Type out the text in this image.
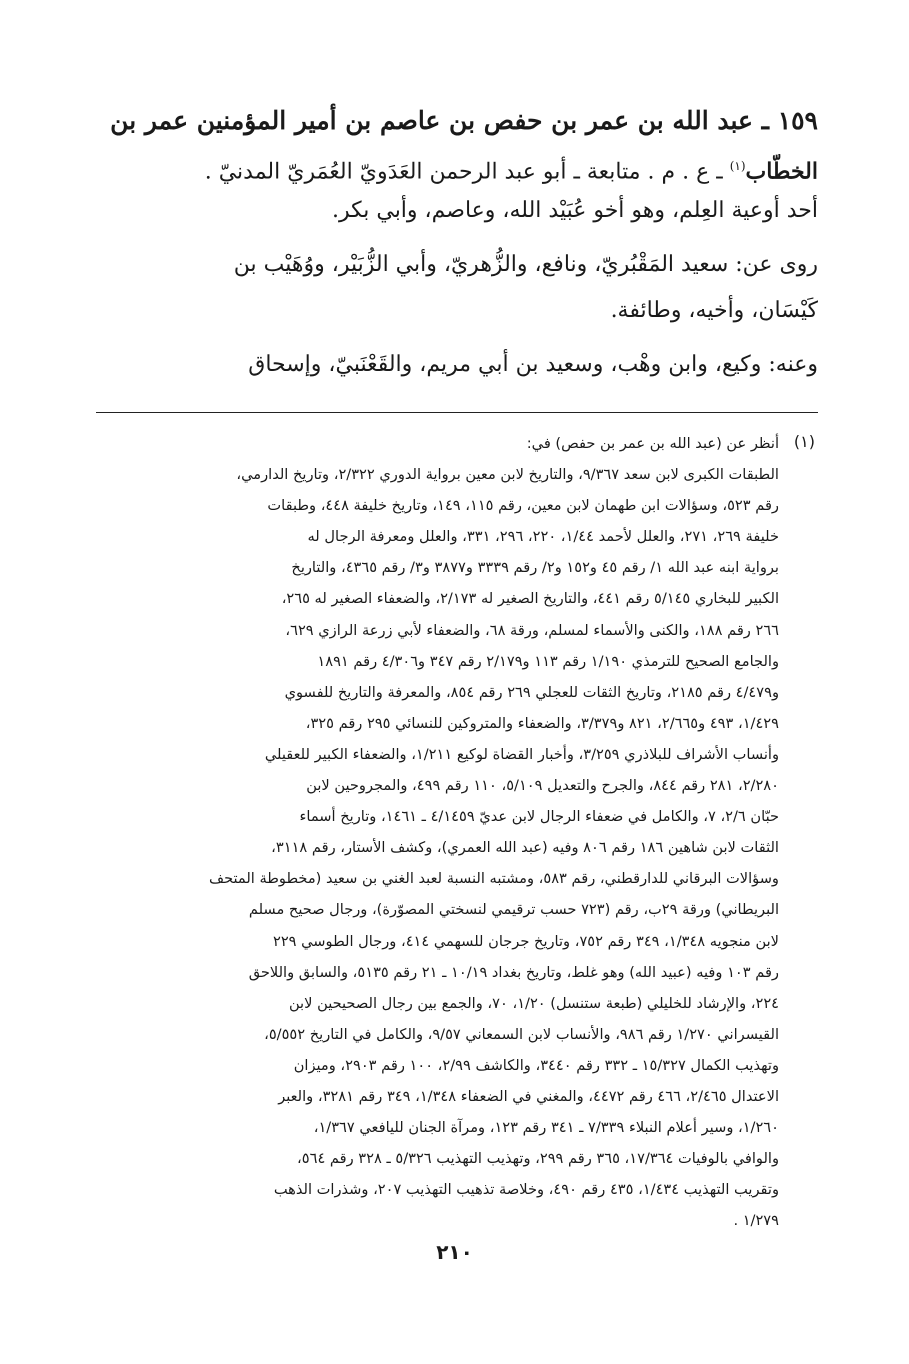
١٥٩ ـ عبد الله بن عمر بن حفص بن عاصم بن أمير المؤمنين عمر بن
الخطّاب$^{(١)}$ ـ ع . م . متابعة ـ أبو عبد الرحمن العَدَويّ العُمَريّ المدنيّ .
أحد أوعية العِلم، وهو أخو عُبَيْد الله، وعاصم، وأبي بكر.
روى عن: سعيد المَقْبُريّ، ونافع، والزُّهريّ، وأبي الزُّبَيْر، ووُهَيْب بن
كَيْسَان، وأخيه، وطائفة.
وعنه: وكيع، وابن وهْب، وسعيد بن أبي مريم، والقَعْنَبيّ، وإسحاق
(١)
أنظر عن (عبد الله بن عمر بن حفص) في:
الطبقات الكبرى لابن سعد ٩/٣٦٧، والتاريخ لابن معين برواية الدوري ٢/٣٢٢، وتاريخ الدارمي،
رقم ٥٢٣، وسؤالات ابن طهمان لابن معين، رقم ١١٥، ١٤٩، وتاريخ خليفة ٤٤٨، وطبقات
خليفة ٢٦٩، ٢٧١، والعلل لأحمد ١/٤٤، ٢٢٠، ٢٩٦، ٣٣١، والعلل ومعرفة الرجال له
برواية ابنه عبد الله ١/ رقم ٤٥ و١٥٢ و٢/ رقم ٣٣٣٩ و٣٨٧٧ و٣/ رقم ٤٣٦٥، والتاريخ
الكبير للبخاري ٥/١٤٥ رقم ٤٤١، والتاريخ الصغير له ٢/١٧٣، والضعفاء الصغير له ٢٦٥،
٢٦٦ رقم ١٨٨، والكنى والأسماء لمسلم، ورقة ٦٨، والضعفاء لأبي زرعة الرازي ٦٢٩،
والجامع الصحيح للترمذي ١/١٩٠ رقم ١١٣ و٢/١٧٩ رقم ٣٤٧ و٤/٣٠٦ رقم ١٨٩١
و٤/٤٧٩ رقم ٢١٨٥، وتاريخ الثقات للعجلي ٢٦٩ رقم ٨٥٤، والمعرفة والتاريخ للفسوي
١/٤٢٩، ٤٩٣ و٢/٦٦٥، ٨٢١ و٣/٣٧٩، والضعفاء والمتروكين للنسائي ٢٩٥ رقم ٣٢٥،
وأنساب الأشراف للبلاذري ٣/٢٥٩، وأخبار القضاة لوكيع ١/٢١١، والضعفاء الكبير للعقيلي
٢/٢٨٠، ٢٨١ رقم ٨٤٤، والجرح والتعديل ٥/١٠٩، ١١٠ رقم ٤٩٩، والمجروحين لابن
حبّان ٢/٦، ٧، والكامل في ضعفاء الرجال لابن عديّ ٤/١٤٥٩ ـ ١٤٦١، وتاريخ أسماء
الثقات لابن شاهين ١٨٦ رقم ٨٠٦ وفيه (عبد الله العمري)، وكشف الأستار، رقم ٣١١٨،
وسؤالات البرقاني للدارقطني، رقم ٥٨٣، ومشتبه النسبة لعبد الغني بن سعيد (مخطوطة المتحف
البريطاني) ورقة ٢٩ب، رقم (٧٢٣ حسب ترقيمي لنسختي المصوّرة)، ورجال صحيح مسلم
لابن منجويه ١/٣٤٨، ٣٤٩ رقم ٧٥٢، وتاريخ جرجان للسهمي ٤١٤، ورجال الطوسي ٢٢٩
رقم ١٠٣ وفيه (عبيد الله) وهو غلط، وتاريخ بغداد ١٠/١٩ ـ ٢١ رقم ٥١٣٥، والسابق واللاحق
٢٢٤، والإرشاد للخليلي (طبعة ستنسل) ١/٢٠، ٧٠، والجمع بين رجال الصحيحين لابن
القيسراني ١/٢٧٠ رقم ٩٨٦، والأنساب لابن السمعاني ٩/٥٧، والكامل في التاريخ ٥/٥٥٢،
وتهذيب الكمال ١٥/٣٢٧ ـ ٣٣٢ رقم ٣٤٤٠، والكاشف ٢/٩٩، ١٠٠ رقم ٢٩٠٣، وميزان
الاعتدال ٢/٤٦٥، ٤٦٦ رقم ٤٤٧٢، والمغني في الضعفاء ١/٣٤٨، ٣٤٩ رقم ٣٢٨١، والعبر
١/٢٦٠، وسير أعلام النبلاء ٧/٣٣٩ ـ ٣٤١ رقم ١٢٣، ومرآة الجنان لليافعي ١/٣٦٧،
والوافي بالوفيات ١٧/٣٦٤، ٣٦٥ رقم ٢٩٩، وتهذيب التهذيب ٥/٣٢٦ ـ ٣٢٨ رقم ٥٦٤،
وتقريب التهذيب ١/٤٣٤، ٤٣٥ رقم ٤٩٠، وخلاصة تذهيب التهذيب ٢٠٧، وشذرات الذهب
١/٢٧٩ .
٢١٠
